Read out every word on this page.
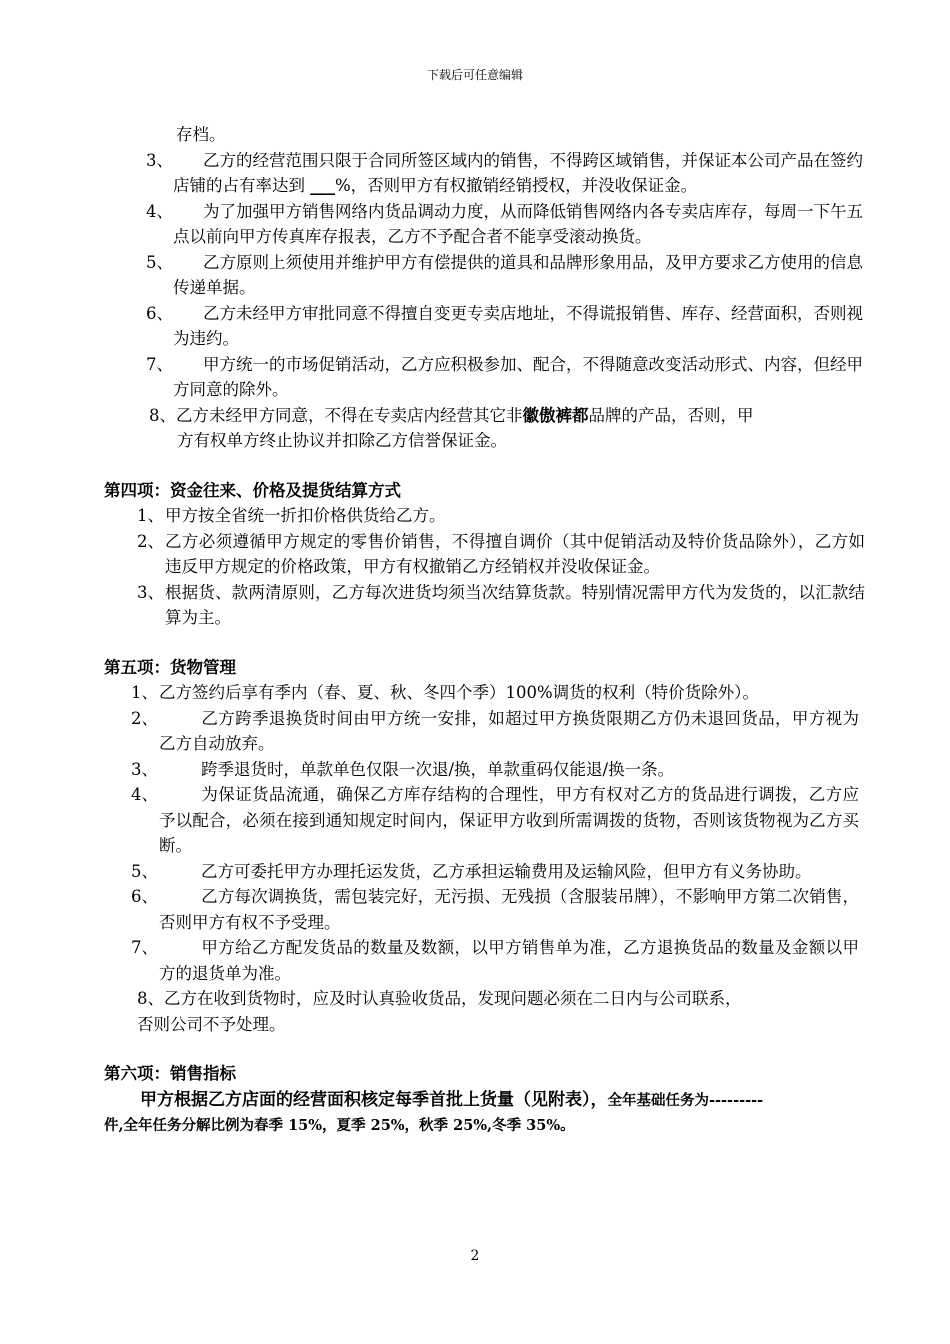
下载后可任意编辑
存档。
3、 乙方的经营范围只限于合同所签区域内的销售，不得跨区域销售，并保证本公司产品在签约店铺的占有率达到 ___%，否则甲方有权撤销经销授权，并没收保证金。
4、 为了加强甲方销售网络内货品调动力度，从而降低销售网络内各专卖店库存，每周一下午五点以前向甲方传真库存报表，乙方不予配合者不能享受滚动换货。
5、 乙方原则上须使用并维护甲方有偿提供的道具和品牌形象用品，及甲方要求乙方使用的信息传递单据。
6、 乙方未经甲方审批同意不得擅自变更专卖店地址，不得谎报销售、库存、经营面积，否则视为违约。
7、 甲方统一的市场促销活动，乙方应积极参加、配合，不得随意改变活动形式、内容，但经甲方同意的除外。
8、乙方未经甲方同意，不得在专卖店内经营其它非徽傲裤都品牌的产品，否则，甲
方有权单方终止协议并扣除乙方信誉保证金。
第四项：资金往来、价格及提货结算方式
1、 甲方按全省统一折扣价格供货给乙方。
2、 乙方必须遵循甲方规定的零售价销售，不得擅自调价（其中促销活动及特价货品除外），乙方如违反甲方规定的价格政策，甲方有权撤销乙方经销权并没收保证金。
3、 根据货、款两清原则，乙方每次进货均须当次结算货款。特别情况需甲方代为发货的，以汇款结算为主。
第五项：货物管理
1、 乙方签约后享有季内（春、夏、秋、冬四个季）100%调货的权利（特价货除外）。
2、	乙方跨季退换货时间由甲方统一安排，如超过甲方换货限期乙方仍未退回货品，甲方视为乙方自动放弃。
3、	跨季退货时，单款单色仅限一次退/换，单款重码仅能退/换一条。
4、	为保证货品流通，确保乙方库存结构的合理性，甲方有权对乙方的货品进行调拨，乙方应予以配合，必须在接到通知规定时间内，保证甲方收到所需调拨的货物，否则该货物视为乙方买断。
5、	乙方可委托甲方办理托运发货，乙方承担运输费用及运输风险，但甲方有义务协助。
6、	乙方每次调换货，需包装完好，无污损、无残损（含服装吊牌），不影响甲方第二次销售，否则甲方有权不予受理。
7、	甲方给乙方配发货品的数量及数额，以甲方销售单为准，乙方退换货品的数量及金额以甲方的退货单为准。
8、乙方在收到货物时，应及时认真验收货品，发现问题必须在二日内与公司联系，
否则公司不予处理。
第六项：销售指标
甲方根据乙方店面的经营面积核定每季首批上货量（见附表），全年基础任务为---------
件,全年任务分解比例为春季 15%，夏季 25%，秋季 25%,冬季 35%。
2
